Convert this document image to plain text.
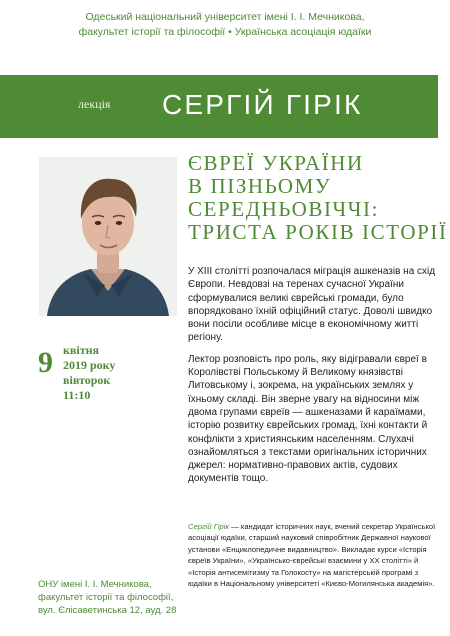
Одеський національний університет імені І. І. Мечникова,
факультет історії та філософії • Українська асоціація юдаїки
лекція СЕРГІЙ ГІРІК
ЄВРЕЇ УКРАЇНИ
В ПІЗНЬОМУ
СЕРЕДНЬОВІЧЧІ:
ТРИСТА РОКІВ ІСТОРІЇ

У XIII столітті розпочалася міграція ашкеназів на схід Європи. Невдовзі на теренах сучасної України сформувалися великі єврейські громади, було впорядковано їхній офіційний статус. Доволі швидко вони посіли особливе місце в економічному житті регіону.

Лектор розповість про роль, яку відігравали євреї в Королівстві Польському й Великому князівстві Литовському і, зокрема, на українських землях у їхньому складі. Він зверне увагу на відносини між двома групами євреїв — ашкеназами й караїмами, історію розвитку єврейських громад, їхні контакти й конфлікти з християнським населенням. Слухачі ознайомляться з текстами оригінальних історичних джерел: нормативно-правових актів, судових документів тощо.

9 квітня
2019 року
вівторок
11:10
Сергій Гірік — кандидат історичних наук, вчений секретар Української асоціації юдаїки, старший науковий співробітник Державної наукової установи «Енциклопедичне видавництво». Викладає курси «Історія євреїв України», «Українсько-єврейські взаємини у ХХ столітті» й «Історія антисемітизму та Голокосту» на магістерській програмі з юдаїки в Національному університеті «Києво-Могилянська академія».
ОНУ імені І. І. Мечникова,
факультет історії та філософії,
вул. Єлісаветинська 12, ауд. 28
